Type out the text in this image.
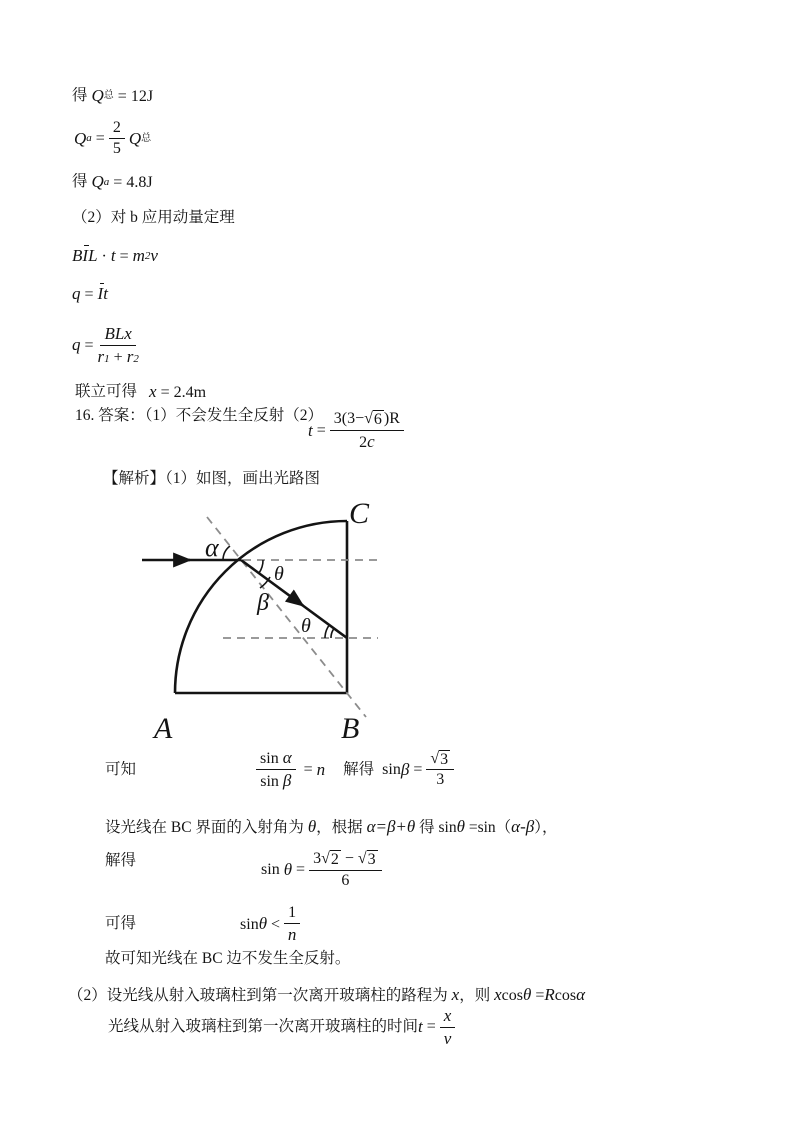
得 Q 总 = 12J
Q $a = \frac{2}{5}$ Q 总
得 Q a = 4.8J
（2）对 b 应用动量定理
B I L · t = m 2 v
q = I t
$q = \frac{\text{BLx}}{r 1 + r 2}$
联立可得 x = 2.4m
16. 答案：（1）不会发生全反射（2）
$t = \frac{3(3 - √ 6 )R}{2 c}$
【解析】（1）如图，画出光路图
α
θ
β
θ
A	B
C
可知	$\frac{\text{sin α}}{\text{sin β}} = n$ 解得 $\sin \beta = \frac{√ 3}{3}$
设光线在 BC 界面的入射角为 θ，根据 α=β+θ 得 sinθ =sin（α-β），
解得
$\sin \theta = \frac{3 √ 2 - √ 3}{6}$
可得	$\sin \theta < \frac{1}{n}$
故可知光线在 BC 边不发生全反射。
（2）设光线从射入玻璃柱到第一次离开玻璃柱的路程为 x，则 xcosθ =Rcosα
光线从射入玻璃柱到第一次离开玻璃柱的时间 $t = \frac{x}{v}$
